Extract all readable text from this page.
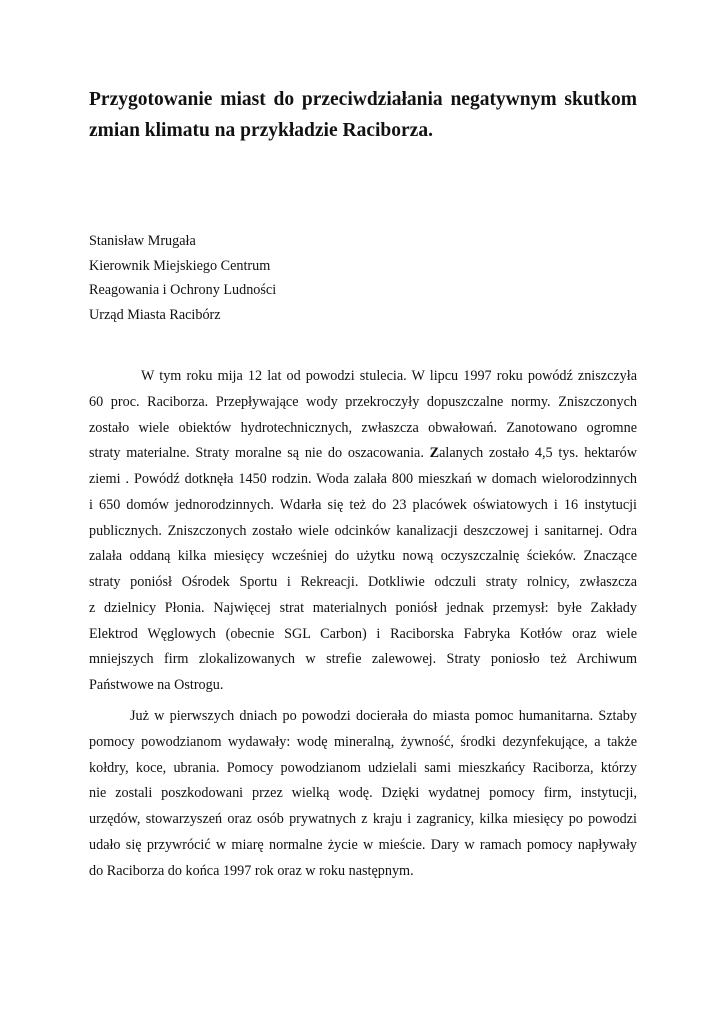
Przygotowanie miast do przeciwdziałania negatywnym skutkom
zmian klimatu na przykładzie Raciborza.
Stanisław Mrugała
Kierownik Miejskiego Centrum
Reagowania i Ochrony Ludności
Urząd Miasta Racibórz
W tym roku mija 12 lat od powodzi stulecia. W lipcu 1997 roku powódź zniszczyła
60 proc. Raciborza. Przepływające wody przekroczyły dopuszczalne normy. Zniszczonych
zostało wiele obiektów hydrotechnicznych, zwłaszcza obwałowań. Zanotowano ogromne
straty materialne. Straty moralne są nie do oszacowania. Zalanych zostało 4,5 tys. hektarów
ziemi . Powódź dotknęła 1450 rodzin. Woda zalała 800 mieszkań w domach wielorodzinnych
i 650 domów jednorodzinnych. Wdarła się też do 23 placówek oświatowych i 16 instytucji
publicznych. Zniszczonych zostało wiele odcinków kanalizacji deszczowej i sanitarnej. Odra
zalała oddaną kilka miesięcy wcześniej do użytku nową oczyszczalnię ścieków. Znaczące
straty poniósł Ośrodek Sportu i Rekreacji. Dotkliwie odczuli straty rolnicy, zwłaszcza
z dzielnicy Płonia. Najwięcej strat materialnych poniósł jednak przemysł: byłe Zakłady
Elektrod Węglowych (obecnie SGL Carbon) i Raciborska Fabryka Kotłów oraz wiele
mniejszych firm zlokalizowanych w strefie zalewowej. Straty poniosło też Archiwum
Państwowe na Ostrogu.
Już w pierwszych dniach po powodzi docierała do miasta pomoc humanitarna. Sztaby
pomocy powodzianom wydawały: wodę mineralną, żywność, środki dezynfekujące, a także
kołdry, koce, ubrania. Pomocy powodzianom udzielali sami mieszkańcy Raciborza, którzy
nie zostali poszkodowani przez wielką wodę. Dzięki wydatnej pomocy firm, instytucji,
urzędów, stowarzyszeń oraz osób prywatnych z kraju i zagranicy, kilka miesięcy po powodzi
udało się przywrócić w miarę normalne życie w mieście. Dary w ramach pomocy napływały
do Raciborza do końca 1997 rok oraz w roku następnym.
